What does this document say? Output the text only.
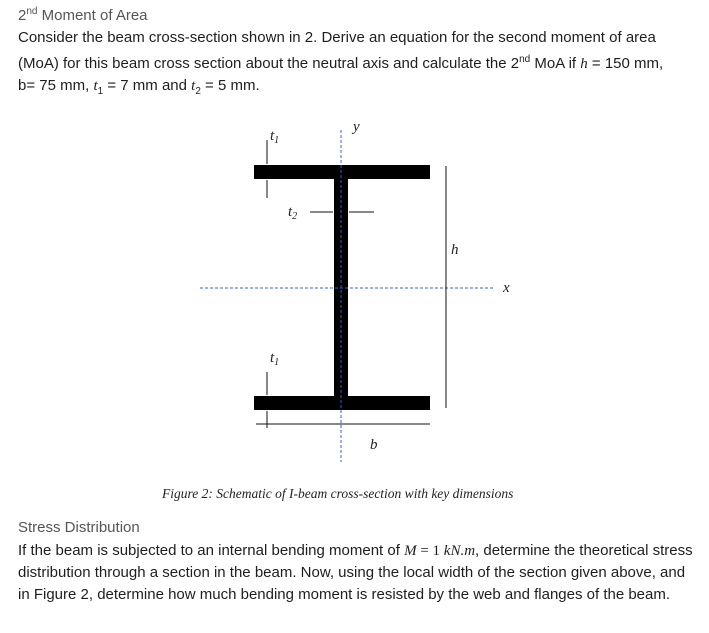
2nd Moment of Area
Consider the beam cross-section shown in 2. Derive an equation for the second moment of area (MoA) for this beam cross section about the neutral axis and calculate the 2nd MoA if h = 150 mm,
b= 75 mm, $t_1 = 7$ mm and $t_2 = 5$ mm.
$t_1$
y
$t_2$
h
x
$t_1$
b
Figure 2: Schematic of I-beam cross-section with key dimensions
Stress Distribution
If the beam is subjected to an internal bending moment of M = 1 kN.m, determine the theoretical stress distribution through a section in the beam. Now, using the local width of the section given above, and in Figure 2, determine how much bending moment is resisted by the web and flanges of the beam.
